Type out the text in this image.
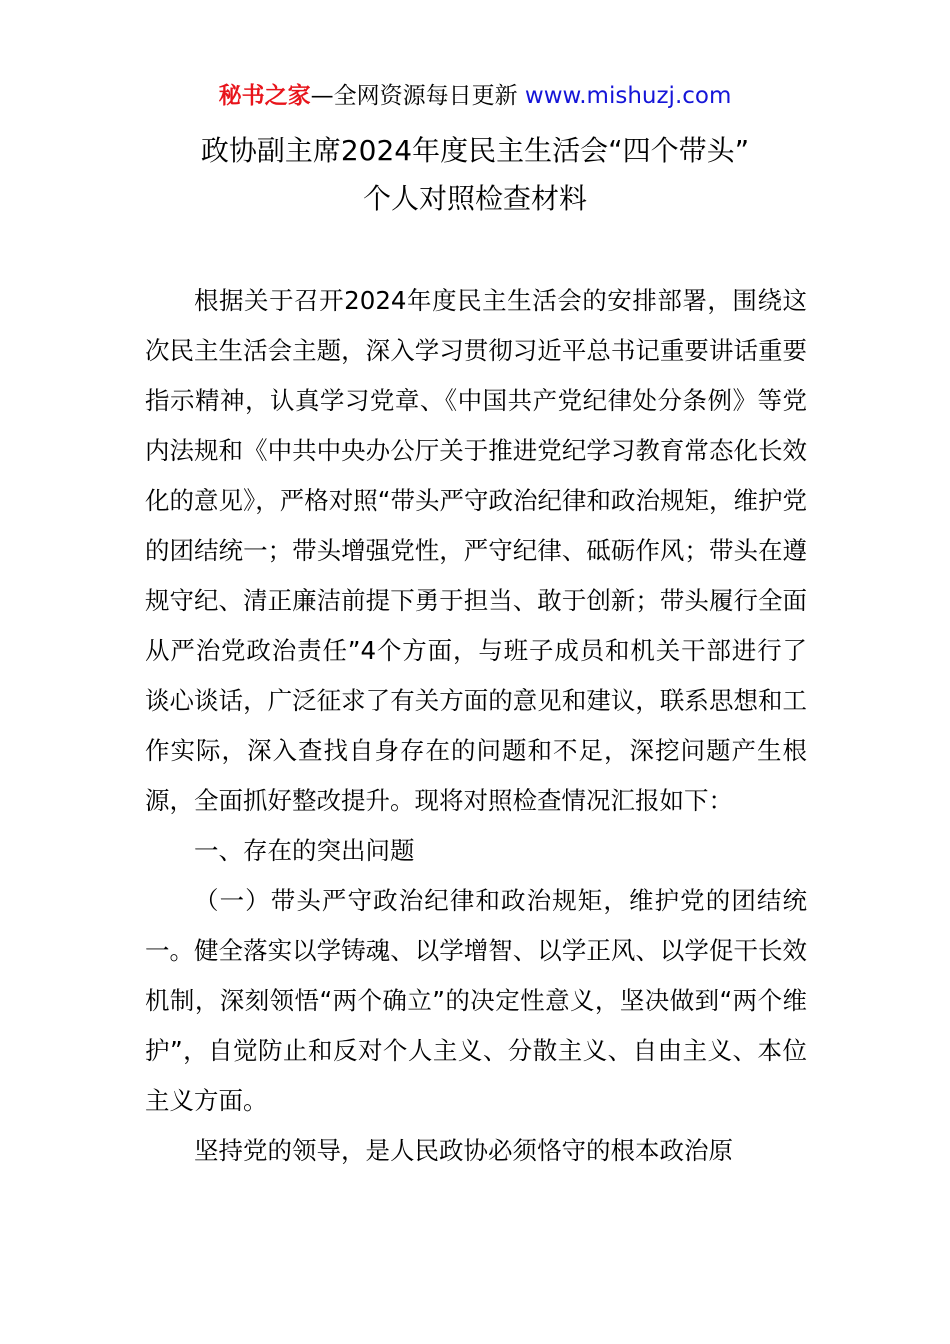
秘书之家—全网资源每日更新 www.mishuzj.com
政协副主席2024年度民主生活会“四个带头”
个人对照检查材料

根据关于召开2024年度民主生活会的安排部署，围绕这次民主生活会主题，深入学习贯彻习近平总书记重要讲话重要指示精神，认真学习党章、《中国共产党纪律处分条例》等党内法规和《中共中央办公厅关于推进党纪学习教育常态化长效化的意见》，严格对照“带头严守政治纪律和政治规矩，维护党的团结统一；带头增强党性，严守纪律、砥砺作风；带头在遵规守纪、清正廉洁前提下勇于担当、敢于创新；带头履行全面从严治党政治责任”4个方面，与班子成员和机关干部进行了谈心谈话，广泛征求了有关方面的意见和建议，联系思想和工作实际，深入查找自身存在的问题和不足，深挖问题产生根源，全面抓好整改提升。现将对照检查情况汇报如下：

一、存在的突出问题

（一）带头严守政治纪律和政治规矩，维护党的团结统一。健全落实以学铸魂、以学增智、以学正风、以学促干长效机制，深刻领悟“两个确立”的决定性意义，坚决做到“两个维护”，自觉防止和反对个人主义、分散主义、自由主义、本位主义方面。

坚持党的领导，是人民政协必须恪守的根本政治原
